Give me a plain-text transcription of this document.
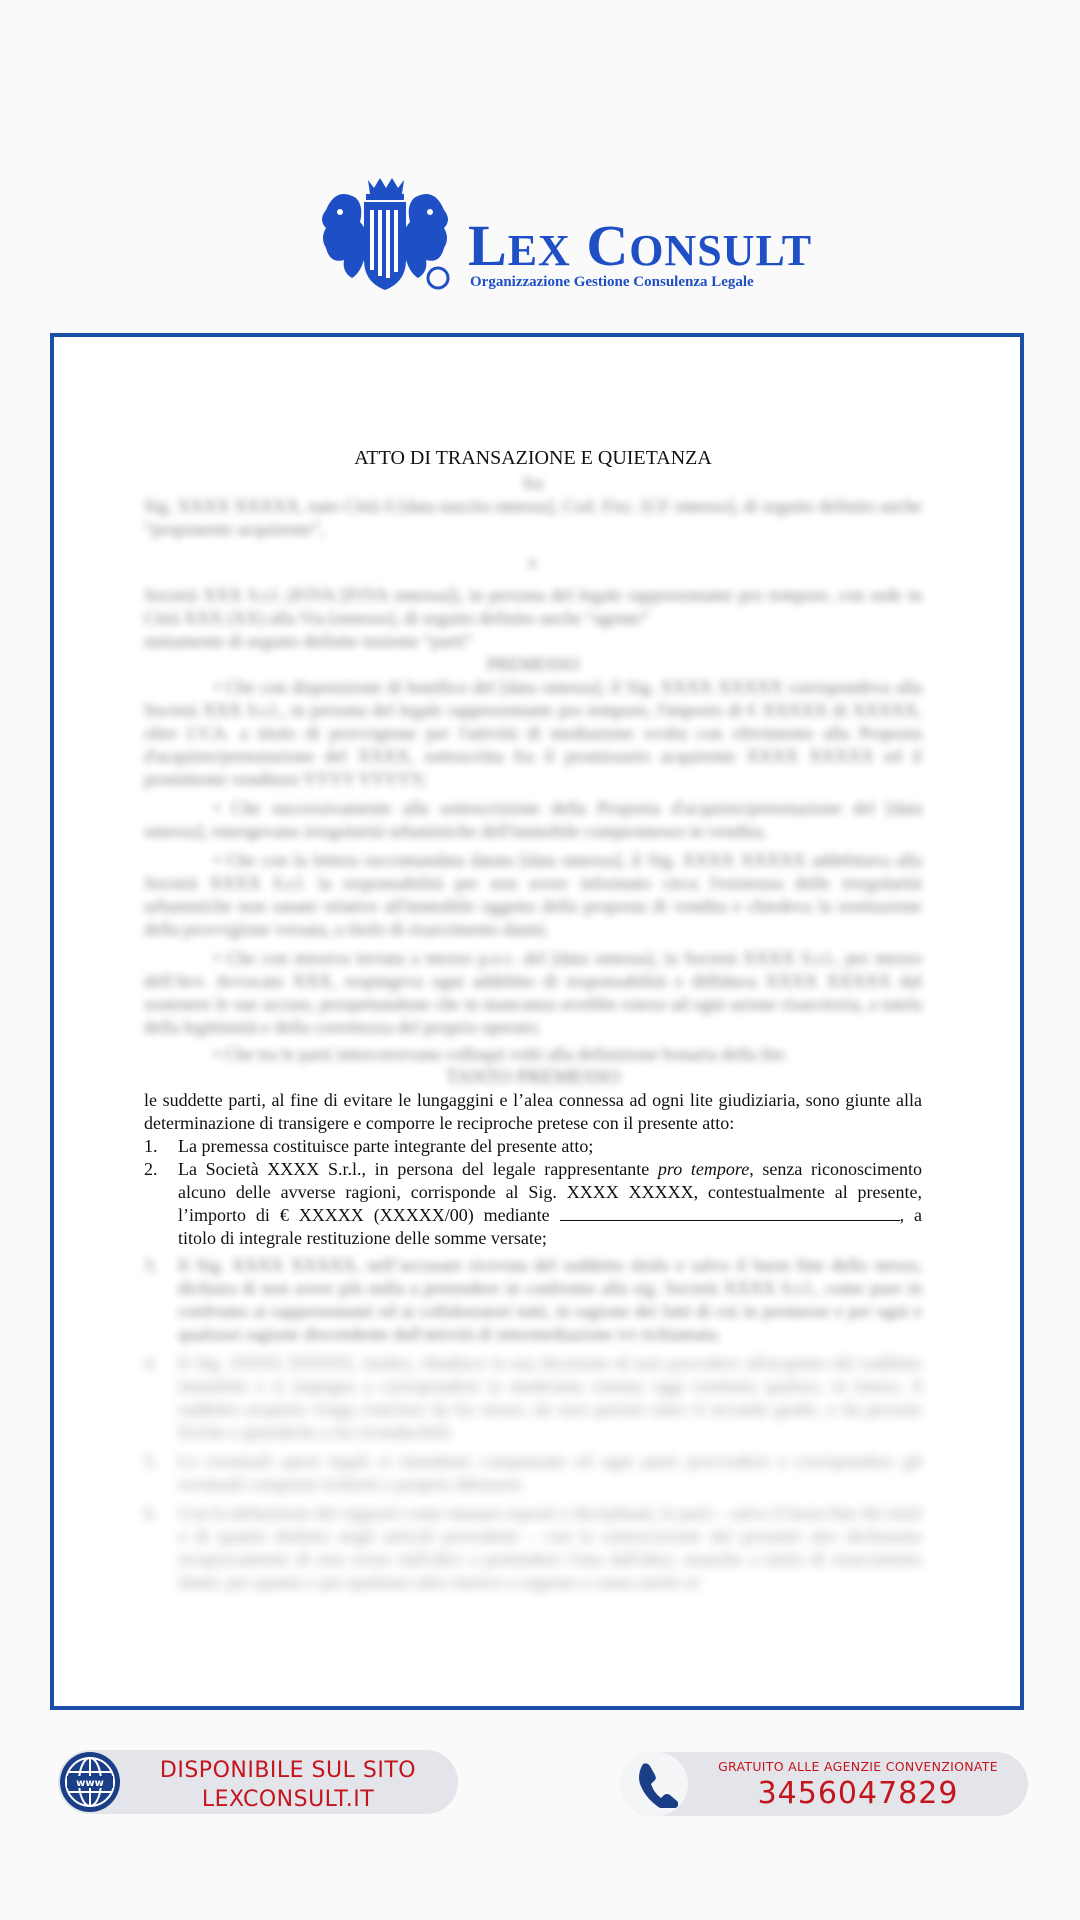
LEX CONSULT
Organizzazione Gestione Consulenza Legale
ATTO DI TRANSAZIONE E QUIETANZA
fra

Sig. XXXX XXXXX, nato Città il [data nascita omessa], Cod. Fisc. [CF omesso], di seguito definito anche “proponente acquirente”,

e

Società XXX S.r.l. (P.IVA [P.IVA omessa]), in persona del legale rappresentante pro tempore, con sede in Città XXX (XX) alla Via [omesso], di seguito definito anche “agente”

unitamente di seguito definite insieme “parti”

PREMESSO

• Che con disposizione di bonifico del [data omessa], il Sig. XXXX XXXXX corrispondeva alla Società XXX S.r.l., in persona del legale rappresentante pro tempore, l'importo di € XXXXX di XXXXX, oltre I.V.A. a titolo di provvigione per l'attività di mediazione svolta con riferimento alla Proposta d'acquisto/prenotazione del XXXX, sottoscritta fra il promissario acquirente XXXX XXXXX ed il promittente venditore YYYY YYYYY;

• Che successivamente alla sottoscrizione della Proposta d'acquisto/prenotazione del [data omessa], emergevano irregolarità urbanistiche dell'immobile compromesso in vendita;

• Che con la lettera raccomandata datata [data omessa], il Sig. XXXX XXXXX addebitava alla Società XXXX S.r.l. la responsabilità per non avere informato circa l'esistenza delle irregolarità urbanistiche non sanate relative all'immobile oggetto della proposta di vendita e chiedeva la restituzione della provvigione versata, a titolo di risarcimento danni;

• Che con missiva inviata a mezzo p.e.c. del [data omessa], la Società XXXX S.r.l., per mezzo dell'Avv. Avvocato XXX, respingeva ogni addebito di responsabilità e diffidava XXXX XXXXX dal sostenere le sue accuse, prospettandone che in mancanza avrebbe esteso ad ogni azione risarcitoria, a tutela della legittimità e della correttezza del proprio operato;

• Che tra le parti intercorrevano colloqui volti alla definizione bonaria della lite.

TANTO PREMESSO

le suddette parti, al fine di evitare le lungaggini e l’alea connessa ad ogni lite giudiziaria, sono giunte alla determinazione di transigere e comporre le reciproche pretese con il presente atto:

1.	La premessa costituisce parte integrante del presente atto;
2.	La Società XXXX S.r.l., in persona del legale rappresentante pro tempore, senza riconoscimento alcuno delle avverse ragioni, corrisponde al Sig. XXXX XXXXX, contestualmente al presente, l’importo di € XXXXX (XXXXX/00) mediante	, a titolo di integrale restituzione delle somme versate;
3.	Il Sig. XXXX XXXXX, nell’accusare ricevuta del suddetto titolo e salvo il buon fine dello stesso, dichiara di non avere più nulla a pretendere in confronto alla sig. Società XXXX S.r.l., come pure in confronto ai rappresentanti ed ai collaboratori tutti, in ragione dei fatti di cui in premesse e per ogni e qualsiasi ragione discendente dall'attività di intermediazione ivi richiamata.
4.	Il Sig. XXXX XXXXX, inoltre, ribadisce la sua decisione di non procedere all'acquisto del suddetto immobile e si impegna a corrispondere la medesima somma oggi restituita qualora, in futuro, il suddetto acquisto venga concluso da lui stesso, da suoi parenti entro il secondo grado, o da persone fisiche o giuridiche a lui riconducibili.
5.	Le eventuali spese legali si intendono compensate ed ogni parte provvederà a corrispondere gli eventuali compensi richiesti a proprio difensore.
6.	Con la definizione dei rapporti come innanzi esposti e disciplinati, le parti – salvo il buon fine dei titoli e di quanto dedotto negli articoli precedenti – con la sottoscrizione del presente atto dichiarano reciprocamente di non avere null'altro a pretendere l'una dall'altra, neanche a titolo di risarcimento danni, per quanto e per qualsiasi altro motivo o ragione o causa anche se
www
DISPONIBILE SUL SITO
LEXCONSULT.IT
GRATUITO ALLE AGENZIE CONVENZIONATE
3456047829
